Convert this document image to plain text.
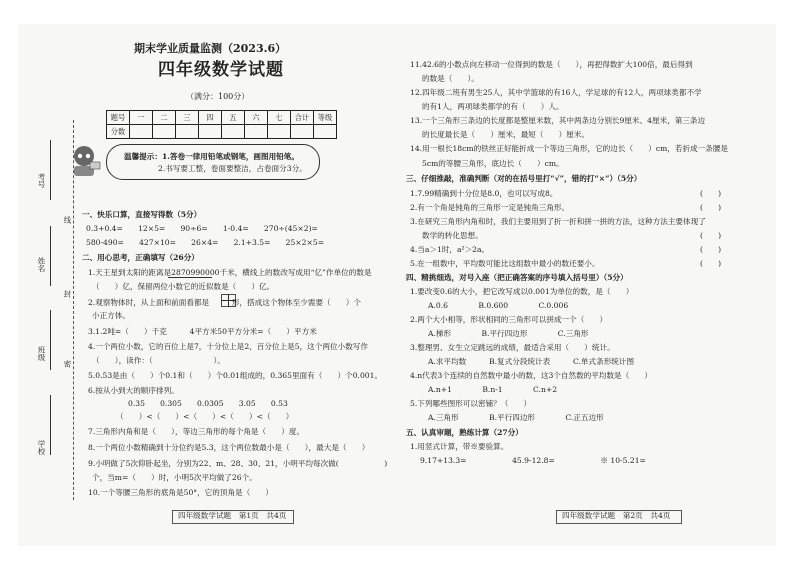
考号
线
姓名
封
班级
密
学校
期末学业质量监测（2023.6）
四年级数学试题
（满分：100分）
题号	一	二	三	四	五	六	七	合计	等级
分数									
温馨提示：1.答卷一律用铅笔或钢笔，画图用铅笔。
2.书写要工整，卷面要整洁，占卷面分3分。
一、快乐口算，直接写得数（5分）
0.3+0.4=　　12×5=　　90÷6=　　1-0.4=　　270÷(45×2)=
580-490=　　427×10=　　26×4=　　2.1+3.5=　　25×2×5=
二、用心思考，正确填写（26分）
1.天王星到太阳的距离是2870990000千米，横线上的数改写成用“亿”作单位的数是
（　　）亿，保留两位小数它的近似数是（　　）亿。
2.观察物体时，从上面和前面看都是　　　形，搭成这个物体至少需要（　　）个
小正方体。
3.1.2吨=（　　）千克　　　4平方米50平方分米=（　　）平方米
4.一个两位小数，它的百位上是7，十分位上是2，百分位上是5，这个两位小数写作
（　　），读作：（　　　　　　　　）。
5.0.53是由（　　）个0.1和（　　）个0.01组成的，0.365里面有（　　）个0.001。
6.按从小到大的顺序排列。
0.35　　0.305　　0.0305　　3.05　　0.53
（　　）<（　　）<（　　）<（　　）<（　　）
7.三角形内角和是（　　），等边三角形的每个角是（　　）度。
8.一个两位小数精确到十分位约是5.3，这个两位数最小是（　　），最大是（　　）
9.小明做了5次仰卧起坐，分别为22、m、28、30、21，小明平均每次做(　　　　　　)
个，当m=（　　）时，小明5次平均做了26个。
10.一个等腰三角形的底角是50°，它的顶角是（　　）
四年级数学试题　第1页　共4页
11.42.6的小数点向左移动一位得到的数是（　　），再把得数扩大100倍，最后得到
的数是（　　）。
12.四年级二班有男生25人，其中学篮球的有16人，学足球的有12人，两项球类都不学
的有1人，两项球类都学的有（　　）人。
13.一个三角形三条边的长度都是整厘米数，其中两条边分别长9厘米、4厘米，第三条边
的长度最长是（　　）厘米，最短（　　）厘米。
14.用一根长18cm的铁丝正好能折成一个等边三角形，它的边长（　　）cm，若折成一条腰是
5cm的等腰三角形，底边长（　　）cm。
三、仔细推敲，准确判断（对的在括号里打“√”，错的打“×”）（5分）
1.7.99精确到十分位是8.0，也可以写成8。	(　　)
2.有一个角是钝角的三角形一定是钝角三角形。	(　　)
3.在研究三角形内角和时，我们主要用到了折一折和拼一拼的方法，这种方法主要体现了
数学的转化思想。	(　　)
4.当a＞1时，a²＞2a。	(　　)
5.在一组数中，平均数可能比这组数中最小的数还要小。	(　　)
四、精挑细选，对号入座（把正确答案的序号填入括号里）（5分）
1.要改变0.6的大小，把它改写成以0.001为单位的数，是（　　）
A.0.6　　　　B.0.600　　　　C.0.006
2.两个大小相等，形状相同的三角形可以拼成一个（　　）
A.梯形　　　　B.平行四边形　　　　C.三角形
3.整理男、女生立定跳远的成绩，最适合采用（　　）统计。
A.求平均数　　　B.复式分段统计表　　　C.单式条形统计图
4.n代表3个连续的自然数中最小的数，这3个自然数的平均数是（　　）
A.n+1　　　　B.n-1　　　　C.n+2
5.下列哪些图形可以密铺？（　　）
A.三角形　　　　B.平行四边形　　　　C.正五边形
五、认真审题，熟练计算（27分）
1.用竖式计算，带※要验算。
9.17+13.3=　　　　　　45.9-12.8=　　　　　　※ 10-5.21=
四年级数学试题　第2页　共4页
